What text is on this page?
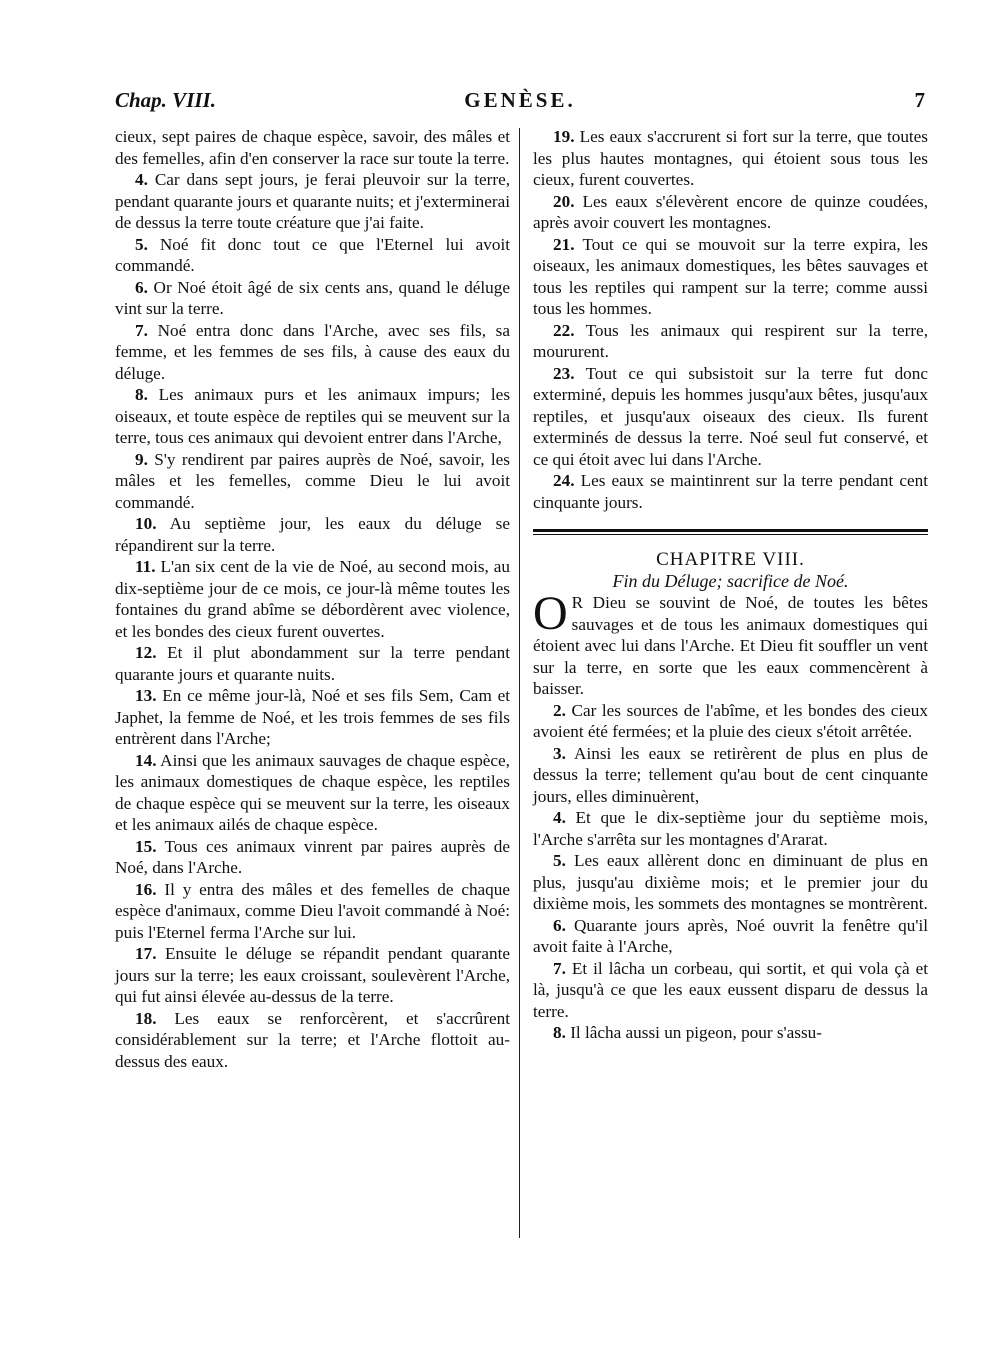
Chap. VIII.	GENÈSE.	7

cieux, sept paires de chaque espèce, savoir, des mâles et des femelles, afin d'en conserver la race sur toute la terre.

4. Car dans sept jours, je ferai pleuvoir sur la terre, pendant quarante jours et quarante nuits; et j'exterminerai de dessus la terre toute créature que j'ai faite.

5. Noé fit donc tout ce que l'Eternel lui avoit commandé.

6. Or Noé étoit âgé de six cents ans, quand le déluge vint sur la terre.

7. Noé entra donc dans l'Arche, avec ses fils, sa femme, et les femmes de ses fils, à cause des eaux du déluge.

8. Les animaux purs et les animaux impurs; les oiseaux, et toute espèce de reptiles qui se meuvent sur la terre, tous ces animaux qui devoient entrer dans l'Arche,

9. S'y rendirent par paires auprès de Noé, savoir, les mâles et les femelles, comme Dieu le lui avoit commandé.

10. Au septième jour, les eaux du déluge se répandirent sur la terre.

11. L'an six cent de la vie de Noé, au second mois, au dix-septième jour de ce mois, ce jour-là même toutes les fontaines du grand abîme se débordèrent avec violence, et les bondes des cieux furent ouvertes.

12. Et il plut abondamment sur la terre pendant quarante jours et quarante nuits.

13. En ce même jour-là, Noé et ses fils Sem, Cam et Japhet, la femme de Noé, et les trois femmes de ses fils entrèrent dans l'Arche;

14. Ainsi que les animaux sauvages de chaque espèce, les animaux domestiques de chaque espèce, les reptiles de chaque espèce qui se meuvent sur la terre, les oiseaux et les animaux ailés de chaque espèce.

15. Tous ces animaux vinrent par paires auprès de Noé, dans l'Arche.

16. Il y entra des mâles et des femelles de chaque espèce d'animaux, comme Dieu l'avoit commandé à Noé: puis l'Eternel ferma l'Arche sur lui.

17. Ensuite le déluge se répandit pendant quarante jours sur la terre; les eaux croissant, soulevèrent l'Arche, qui fut ainsi élevée au-dessus de la terre.

18. Les eaux se renforcèrent, et s'accrûrent considérablement sur la terre; et l'Arche flottoit au-dessus des eaux.

19. Les eaux s'accrurent si fort sur la terre, que toutes les plus hautes montagnes, qui étoient sous tous les cieux, furent couvertes.

20. Les eaux s'élevèrent encore de quinze coudées, après avoir couvert les montagnes.

21. Tout ce qui se mouvoit sur la terre expira, les oiseaux, les animaux domestiques, les bêtes sauvages et tous les reptiles qui rampent sur la terre; comme aussi tous les hommes.

22. Tous les animaux qui respirent sur la terre, moururent.

23. Tout ce qui subsistoit sur la terre fut donc exterminé, depuis les hommes jusqu'aux bêtes, jusqu'aux reptiles, et jusqu'aux oiseaux des cieux. Ils furent exterminés de dessus la terre. Noé seul fut conservé, et ce qui étoit avec lui dans l'Arche.

24. Les eaux se maintinrent sur la terre pendant cent cinquante jours.

CHAPITRE VIII.

Fin du Déluge; sacrifice de Noé.

O R Dieu se souvint de Noé, de toutes les bêtes sauvages et de tous les animaux domestiques qui étoient avec lui dans l'Arche. Et Dieu fit souffler un vent sur la terre, en sorte que les eaux commencèrent à baisser.

2. Car les sources de l'abîme, et les bondes des cieux avoient été fermées; et la pluie des cieux s'étoit arrêtée.

3. Ainsi les eaux se retirèrent de plus en plus de dessus la terre; tellement qu'au bout de cent cinquante jours, elles diminuèrent,

4. Et que le dix-septième jour du septième mois, l'Arche s'arrêta sur les montagnes d'Ararat.

5. Les eaux allèrent donc en diminuant de plus en plus, jusqu'au dixième mois; et le premier jour du dixième mois, les sommets des montagnes se montrèrent.

6. Quarante jours après, Noé ouvrit la fenêtre qu'il avoit faite à l'Arche,

7. Et il lâcha un corbeau, qui sortit, et qui vola çà et là, jusqu'à ce que les eaux eussent disparu de dessus la terre.

8. Il lâcha aussi un pigeon, pour s'assu-
